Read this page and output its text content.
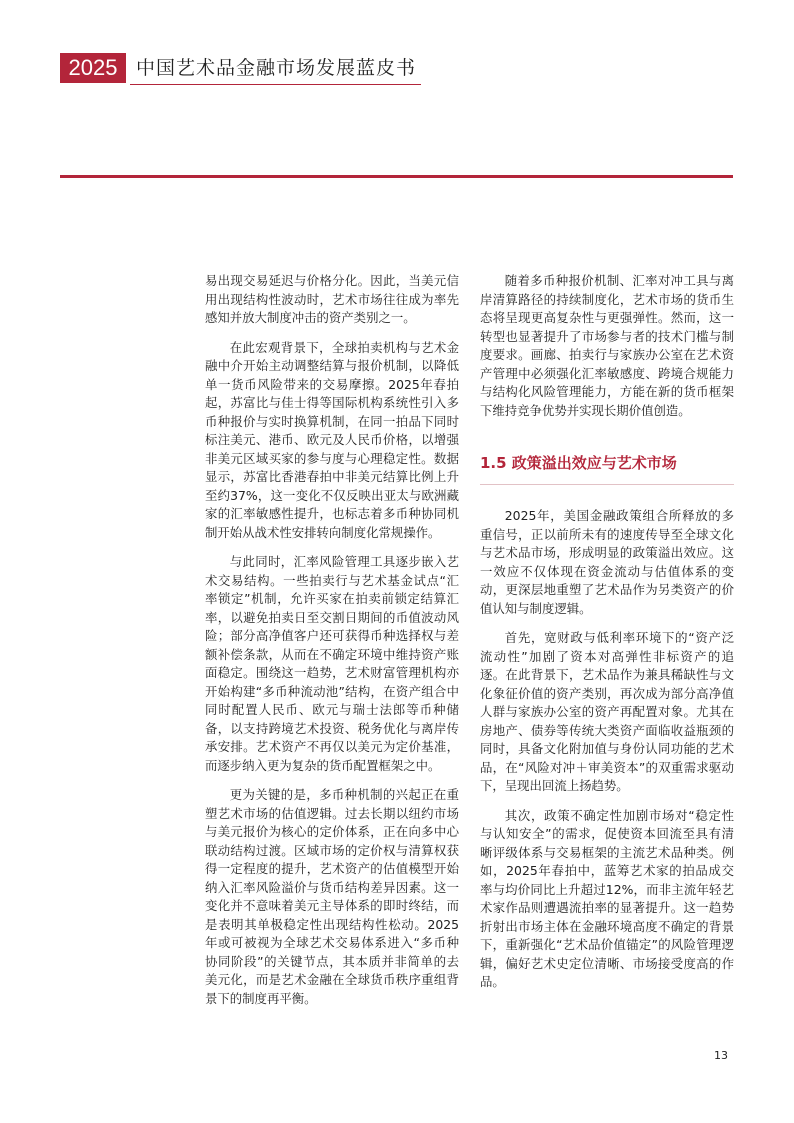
2025 中国艺术品金融市场发展蓝皮书

易出现交易延迟与价格分化。因此，当美元信用出现结构性波动时，艺术市场往往成为率先感知并放大制度冲击的资产类别之一。

在此宏观背景下，全球拍卖机构与艺术金融中介开始主动调整结算与报价机制，以降低单一货币风险带来的交易摩擦。2025年春拍起，苏富比与佳士得等国际机构系统性引入多币种报价与实时换算机制，在同一拍品下同时标注美元、港币、欧元及人民币价格，以增强非美元区域买家的参与度与心理稳定性。数据显示，苏富比香港春拍中非美元结算比例上升至约37%，这一变化不仅反映出亚太与欧洲藏家的汇率敏感性提升，也标志着多币种协同机制开始从战术性安排转向制度化常规操作。

与此同时，汇率风险管理工具逐步嵌入艺术交易结构。一些拍卖行与艺术基金试点“汇率锁定”机制，允许买家在拍卖前锁定结算汇率，以避免拍卖日至交割日期间的币值波动风险；部分高净值客户还可获得币种选择权与差额补偿条款，从而在不确定环境中维持资产账面稳定。围绕这一趋势，艺术财富管理机构亦开始构建“多币种流动池”结构，在资产组合中同时配置人民币、欧元与瑞士法郎等币种储备，以支持跨境艺术投资、税务优化与离岸传承安排。艺术资产不再仅以美元为定价基准，而逐步纳入更为复杂的货币配置框架之中。

更为关键的是，多币种机制的兴起正在重塑艺术市场的估值逻辑。过去长期以纽约市场与美元报价为核心的定价体系，正在向多中心联动结构过渡。区域市场的定价权与清算权获得一定程度的提升，艺术资产的估值模型开始纳入汇率风险溢价与货币结构差异因素。这一变化并不意味着美元主导体系的即时终结，而是表明其单极稳定性出现结构性松动。2025年或可被视为全球艺术交易体系进入“多币种协同阶段”的关键节点，其本质并非简单的去美元化，而是艺术金融在全球货币秩序重组背景下的制度再平衡。

随着多币种报价机制、汇率对冲工具与离岸清算路径的持续制度化，艺术市场的货币生态将呈现更高复杂性与更强弹性。然而，这一转型也显著提升了市场参与者的技术门槛与制度要求。画廊、拍卖行与家族办公室在艺术资产管理中必须强化汇率敏感度、跨境合规能力与结构化风险管理能力，方能在新的货币框架下维持竞争优势并实现长期价值创造。

1.5 政策溢出效应与艺术市场

2025年，美国金融政策组合所释放的多重信号，正以前所未有的速度传导至全球文化与艺术品市场，形成明显的政策溢出效应。这一效应不仅体现在资金流动与估值体系的变动，更深层地重塑了艺术品作为另类资产的价值认知与制度逻辑。

首先，宽财政与低利率环境下的“资产泛流动性”加剧了资本对高弹性非标资产的追逐。在此背景下，艺术品作为兼具稀缺性与文化象征价值的资产类别，再次成为部分高净值人群与家族办公室的资产再配置对象。尤其在房地产、债券等传统大类资产面临收益瓶颈的同时，具备文化附加值与身份认同功能的艺术品，在“风险对冲＋审美资本”的双重需求驱动下，呈现出回流上扬趋势。

其次，政策不确定性加剧市场对“稳定性与认知安全”的需求，促使资本回流至具有清晰评级体系与交易框架的主流艺术品种类。例如，2025年春拍中，蓝筹艺术家的拍品成交率与均价同比上升超过12%，而非主流年轻艺术家作品则遭遇流拍率的显著提升。这一趋势折射出市场主体在金融环境高度不确定的背景下，重新强化“艺术品价值锚定”的风险管理逻辑，偏好艺术史定位清晰、市场接受度高的作品。

13
